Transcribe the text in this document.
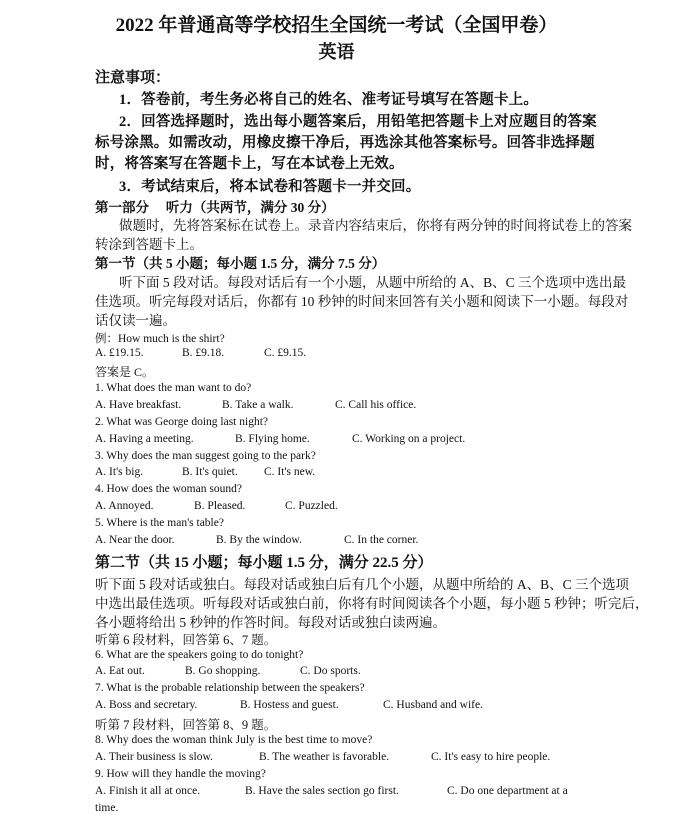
2022 年普通高等学校招生全国统一考试（全国甲卷）
英语
注意事项：
1．答卷前，考生务必将自己的姓名、准考证号填写在答题卡上。
2．回答选择题时，选出每小题答案后，用铅笔把答题卡上对应题目的答案
标号涂黑。如需改动，用橡皮擦干净后，再选涂其他答案标号。回答非选择题
时，将答案写在答题卡上，写在本试卷上无效。
3．考试结束后，将本试卷和答题卡一并交回。
第一部分　 听力（共两节，满分 30 分）
做题时，先将答案标在试卷上。录音内容结束后，你将有两分钟的时间将试卷上的答案
转涂到答题卡上。
第一节（共 5 小题；每小题 1.5 分，满分 7.5 分）
听下面 5 段对话。每段对话后有一个小题，从题中所给的 A、B、C 三个选项中选出最
佳选项。听完每段对话后，你都有 10 秒钟的时间来回答有关小题和阅读下一小题。每段对
话仅读一遍。
例：How much is the shirt?
A. £19.15.	B. £9.18.	C. £9.15.
答案是 C。
1. What does the man want to do?
A. Have breakfast.	B. Take a walk.	C. Call his office.
2. What was George doing last night?
A. Having a meeting.	B. Flying home.	C. Working on a project.
3. Why does the man suggest going to the park?
A. It's big.	B. It's quiet. C. It's new.
4. How does the woman sound?
A. Annoyed.	B. Pleased.	C. Puzzled.
5. Where is the man's table?
A. Near the door.	B. By the window.	C. In the corner.
第二节（共 15 小题；每小题 1.5 分，满分 22.5 分）
听下面 5 段对话或独白。每段对话或独白后有几个小题，从题中所给的 A、B、C 三个选项
中选出最佳选项。听每段对话或独白前，你将有时间阅读各个小题，每小题 5 秒钟；听完后，
各小题将给出 5 秒钟的作答时间。每段对话或独白读两遍。
听第 6 段材料，回答第 6、7 题。
6. What are the speakers going to do tonight?
A. Eat out.	B. Go shopping.	C. Do sports.
7. What is the probable relationship between the speakers?
A. Boss and secretary.	B. Hostess and guest.	C. Husband and wife.
听第 7 段材料，回答第 8、9 题。
8. Why does the woman think July is the best time to move?
A. Their business is slow.	B. The weather is favorable.	C. It's easy to hire people.
9. How will they handle the moving?
A. Finish it all at once.	B. Have the sales section go first.	C. Do one department at a
time.
